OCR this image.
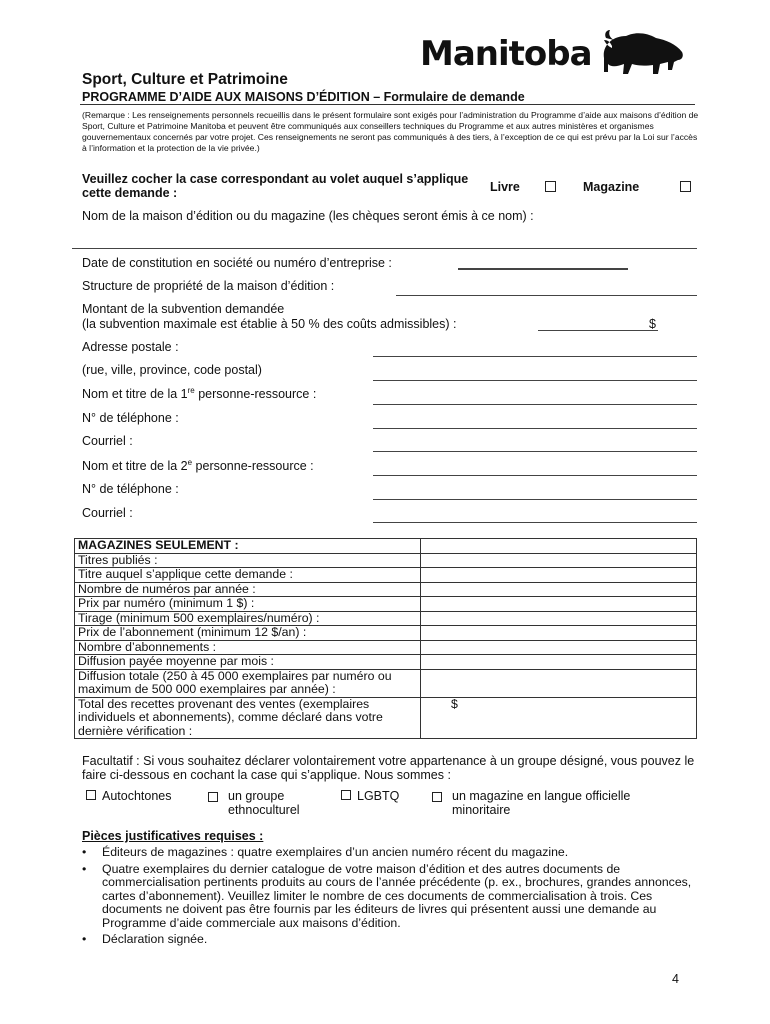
Manitoba
Sport, Culture et Patrimoine
PROGRAMME D’AIDE AUX MAISONS D’ÉDITION – Formulaire de demande
(Remarque : Les renseignements personnels recueillis dans le présent formulaire sont exigés pour l’administration du Programme d’aide aux maisons d’édition de Sport, Culture et Patrimoine Manitoba et peuvent être communiqués aux conseillers techniques du Programme et aux autres ministères et organismes gouvernementaux concernés par votre projet. Ces renseignements ne seront pas communiqués à des tiers, à l’exception de ce qui est prévu par la Loi sur l’accès à l’information et la protection de la vie privée.)
Veuillez cocher la case correspondant au volet auquel s’applique cette demande :	Livre	Magazine
Nom de la maison d’édition ou du magazine (les chèques seront émis à ce nom) :
Date de constitution en société ou numéro d’entreprise :
Structure de propriété de la maison d’édition :
Montant de la subvention demandée
(la subvention maximale est établie à 50 % des coûts admissibles) :	$
Adresse postale :
(rue, ville, province, code postal)
Nom et titre de la 1re personne-ressource :
N° de téléphone :
Courriel :
Nom et titre de la 2e personne-ressource :
N° de téléphone :
Courriel :
MAGAZINES SEULEMENT :	
Titres publiés :	
Titre auquel s’applique cette demande :	
Nombre de numéros par année :	
Prix par numéro (minimum 1 $) :	
Tirage (minimum 500 exemplaires/numéro) :	
Prix de l’abonnement (minimum 12 $/an) :	
Nombre d’abonnements :	
Diffusion payée moyenne par mois :	
Diffusion totale (250 à 45 000 exemplaires par numéro ou maximum de 500 000 exemplaires par année) :	
Total des recettes provenant des ventes (exemplaires individuels et abonnements), comme déclaré dans votre dernière vérification :	$
Facultatif : Si vous souhaitez déclarer volontairement votre appartenance à un groupe désigné, vous pouvez le faire ci-dessous en cochant la case qui s’applique. Nous sommes :
Autochtones	un groupe ethnoculturel
LGBTQ	un magazine en langue officielle minoritaire
Pièces justificatives requises :
• Éditeurs de magazines : quatre exemplaires d’un ancien numéro récent du magazine.
• Quatre exemplaires du dernier catalogue de votre maison d’édition et des autres documents de commercialisation pertinents produits au cours de l’année précédente (p. ex., brochures, grandes annonces, cartes d’abonnement). Veuillez limiter le nombre de ces documents de commercialisation à trois. Ces documents ne doivent pas être fournis par les éditeurs de livres qui présentent aussi une demande au Programme d’aide commerciale aux maisons d’édition.
• Déclaration signée.
4
